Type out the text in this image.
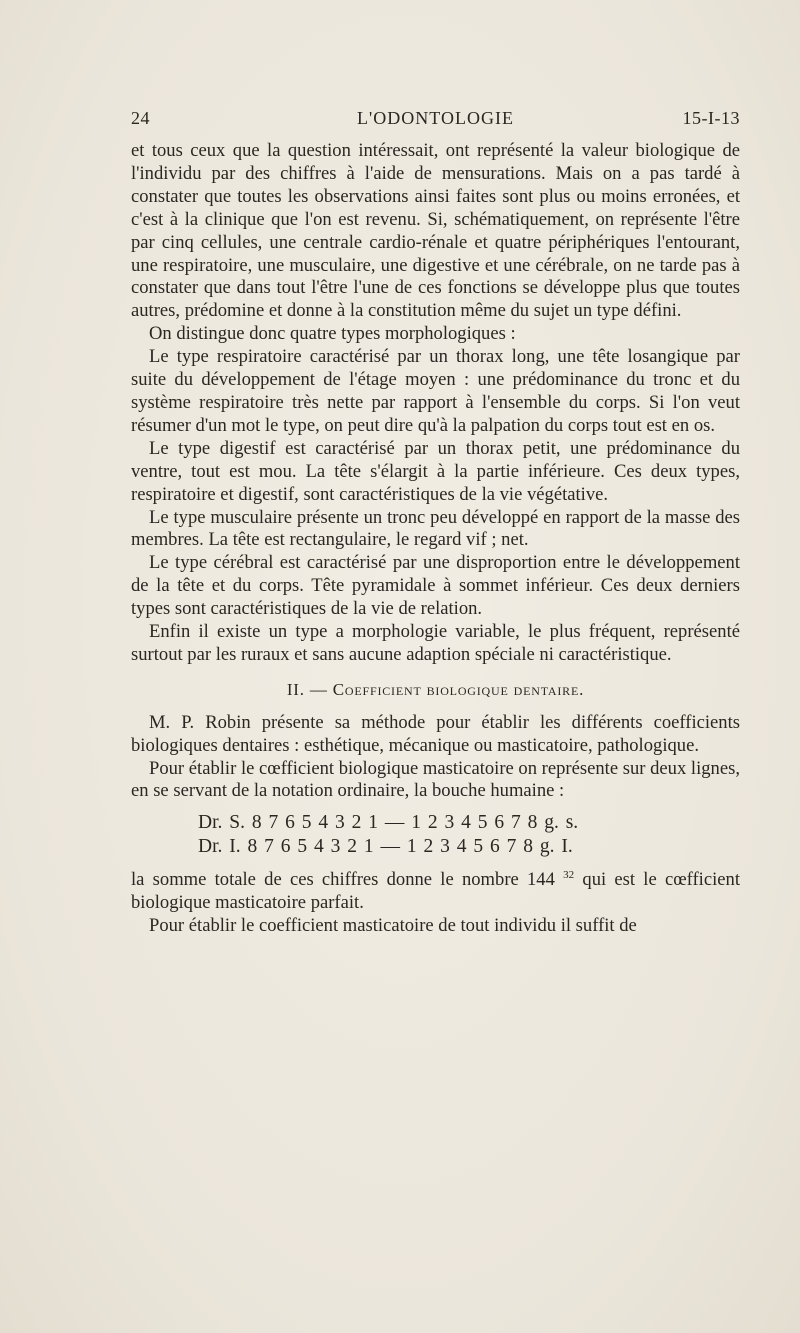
24	L'ODONTOLOGIE	15-I-13

et tous ceux que la question intéressait, ont représenté la valeur biologique de l'individu par des chiffres à l'aide de mensurations. Mais on a pas tardé à constater que toutes les observations ainsi faites sont plus ou moins erronées, et c'est à la clinique que l'on est revenu. Si, schématiquement, on représente l'être par cinq cellules, une centrale cardio-rénale et quatre périphériques l'entourant, une respiratoire, une musculaire, une digestive et une cérébrale, on ne tarde pas à constater que dans tout l'être l'une de ces fonctions se développe plus que toutes autres, prédomine et donne à la constitution même du sujet un type défini.

On distingue donc quatre types morphologiques :

Le type respiratoire caractérisé par un thorax long, une tête losangique par suite du développement de l'étage moyen : une prédominance du tronc et du système respiratoire très nette par rapport à l'ensemble du corps. Si l'on veut résumer d'un mot le type, on peut dire qu'à la palpation du corps tout est en os.

Le type digestif est caractérisé par un thorax petit, une prédominance du ventre, tout est mou. La tête s'élargit à la partie inférieure. Ces deux types, respiratoire et digestif, sont caractéristiques de la vie végétative.

Le type musculaire présente un tronc peu développé en rapport de la masse des membres. La tête est rectangulaire, le regard vif ; net.

Le type cérébral est caractérisé par une disproportion entre le développement de la tête et du corps. Tête pyramidale à sommet inférieur. Ces deux derniers types sont caractéristiques de la vie de relation.

Enfin il existe un type a morphologie variable, le plus fréquent, représenté surtout par les ruraux et sans aucune adaption spéciale ni caractéristique.

II. — Coefficient biologique dentaire.

M. P. Robin présente sa méthode pour établir les différents coefficients biologiques dentaires : esthétique, mécanique ou masticatoire, pathologique.

Pour établir le cœfficient biologique masticatoire on représente sur deux lignes, en se servant de la notation ordinaire, la bouche humaine :

Dr. S. 8 7 6 5 4 3 2 1 — 1 2 3 4 5 6 7 8 g. s.
Dr. I. 8 7 6 5 4 3 2 1 — 1 2 3 4 5 6 7 8 g. I.

la somme totale de ces chiffres donne le nombre 144 $^{32}$ qui est le cœfficient biologique masticatoire parfait.

Pour établir le coefficient masticatoire de tout individu il suffit de
